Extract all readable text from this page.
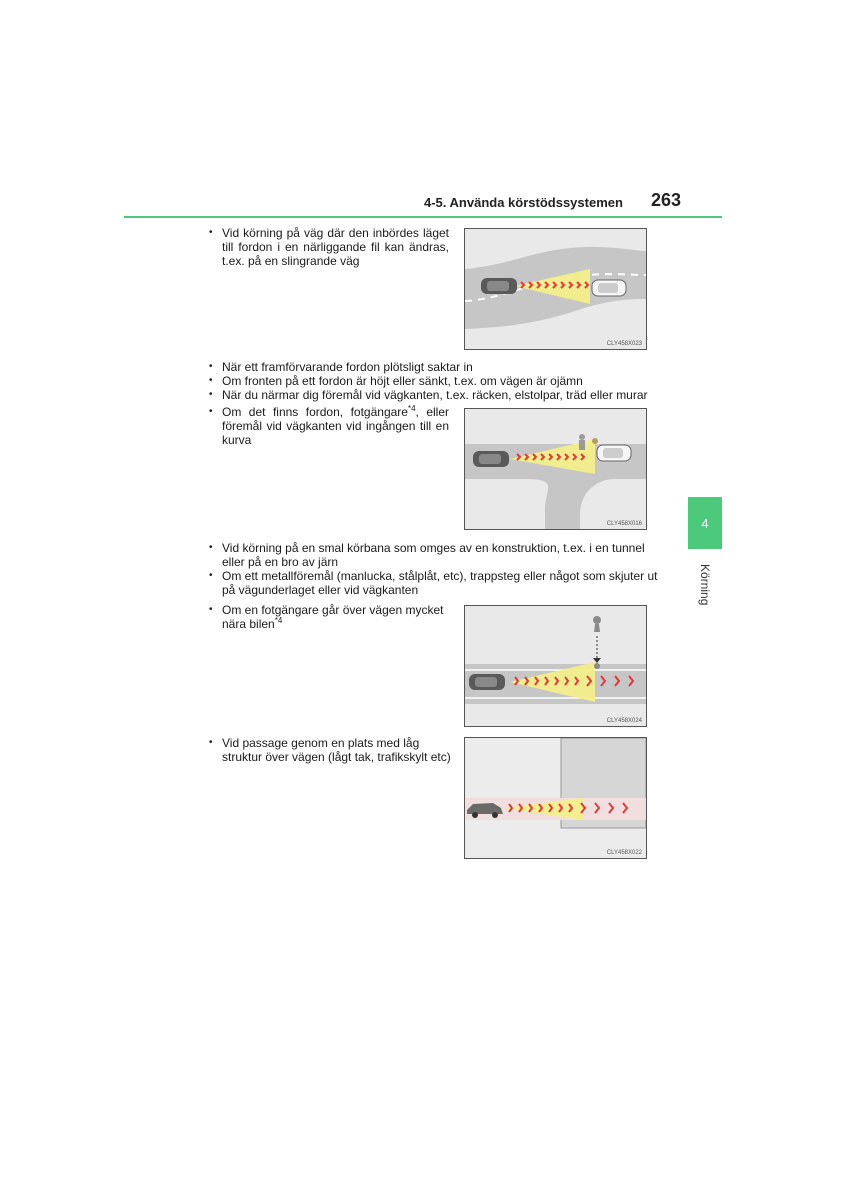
4-5. Använda körstödssystemen 263
4
Körning
• Vid körning på väg där den inbördes läget till fordon i en närliggande fil kan ändras, t.ex. på en slingrande väg
CLY458X023
• När ett framförvarande fordon plötsligt saktar in
• Om fronten på ett fordon är höjt eller sänkt, t.ex. om vägen är ojämn
• När du närmar dig föremål vid vägkanten, t.ex. räcken, elstolpar, träd eller murar
• Om det finns fordon, fotgängare$^{*4}$, eller föremål vid vägkanten vid ingången till en kurva
CLY458X016
• Vid körning på en smal körbana som omges av en konstruktion, t.ex. i en tunnel eller på en bro av järn
• Om ett metallföremål (manlucka, stålplåt, etc), trappsteg eller något som skjuter ut på vägunderlaget eller vid vägkanten
• Om en fotgängare går över vägen mycket nära bilen$^{*4}$
CLY458X024
• Vid passage genom en plats med låg struktur över vägen (lågt tak, trafikskylt etc)
CLY458X022
